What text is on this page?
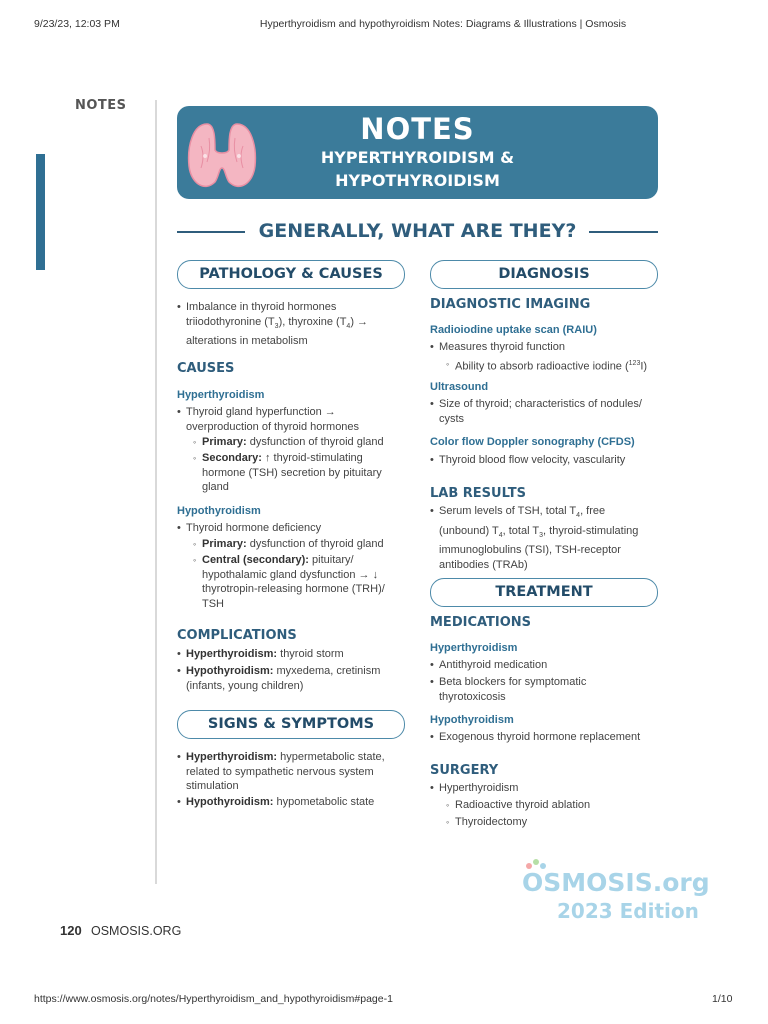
9/23/23, 12:03 PM	Hyperthyroidism and hypothyroidism Notes: Diagrams & Illustrations | Osmosis
NOTES
NOTES
HYPERTHYROIDISM &
HYPOTHYROIDISM
GENERALLY, WHAT ARE THEY?
PATHOLOGY & CAUSES
• Imbalance in thyroid hormones
triiodothyronine $(T_3)$, thyroxine $(T_4)$ →
alterations in metabolism
CAUSES
Hyperthyroidism
• Thyroid gland hyperfunction →
overproduction of thyroid hormones
◦ Primary: dysfunction of thyroid gland
◦ Secondary: ↑ thyroid-stimulating
hormone (TSH) secretion by pituitary
gland
Hypothyroidism
• Thyroid hormone deficiency
◦ Primary: dysfunction of thyroid gland
◦ Central (secondary): pituitary/
hypothalamic gland dysfunction → ↓
thyrotropin-releasing hormone (TRH)/
TSH
COMPLICATIONS
• Hyperthyroidism: thyroid storm
• Hypothyroidism: myxedema, cretinism
(infants, young children)
SIGNS & SYMPTOMS
• Hyperthyroidism: hypermetabolic state,
related to sympathetic nervous system
stimulation
• Hypothyroidism: hypometabolic state
DIAGNOSIS
DIAGNOSTIC IMAGING
Radioiodine uptake scan (RAIU)
• Measures thyroid function
◦ Ability to absorb radioactive iodine ($^{123}$I)
Ultrasound
• Size of thyroid; characteristics of nodules/
cysts
Color flow Doppler sonography (CFDS)
• Thyroid blood flow velocity, vascularity
LAB RESULTS
• Serum levels of TSH, total $T_4$, free
(unbound) $T_4$, total $T_3$, thyroid-stimulating
immunoglobulins (TSI), TSH-receptor
antibodies (TRAb)
TREATMENT
MEDICATIONS
Hyperthyroidism
• Antithyroid medication
• Beta blockers for symptomatic
thyrotoxicosis
Hypothyroidism
• Exogenous thyroid hormone replacement
SURGERY
• Hyperthyroidism
◦ Radioactive thyroid ablation
◦ Thyroidectomy
OSMOSIS.org
2023 Edition
120 OSMOSIS.ORG
https://www.osmosis.org/notes/Hyperthyroidism_and_hypothyroidism#page-1	1/10
